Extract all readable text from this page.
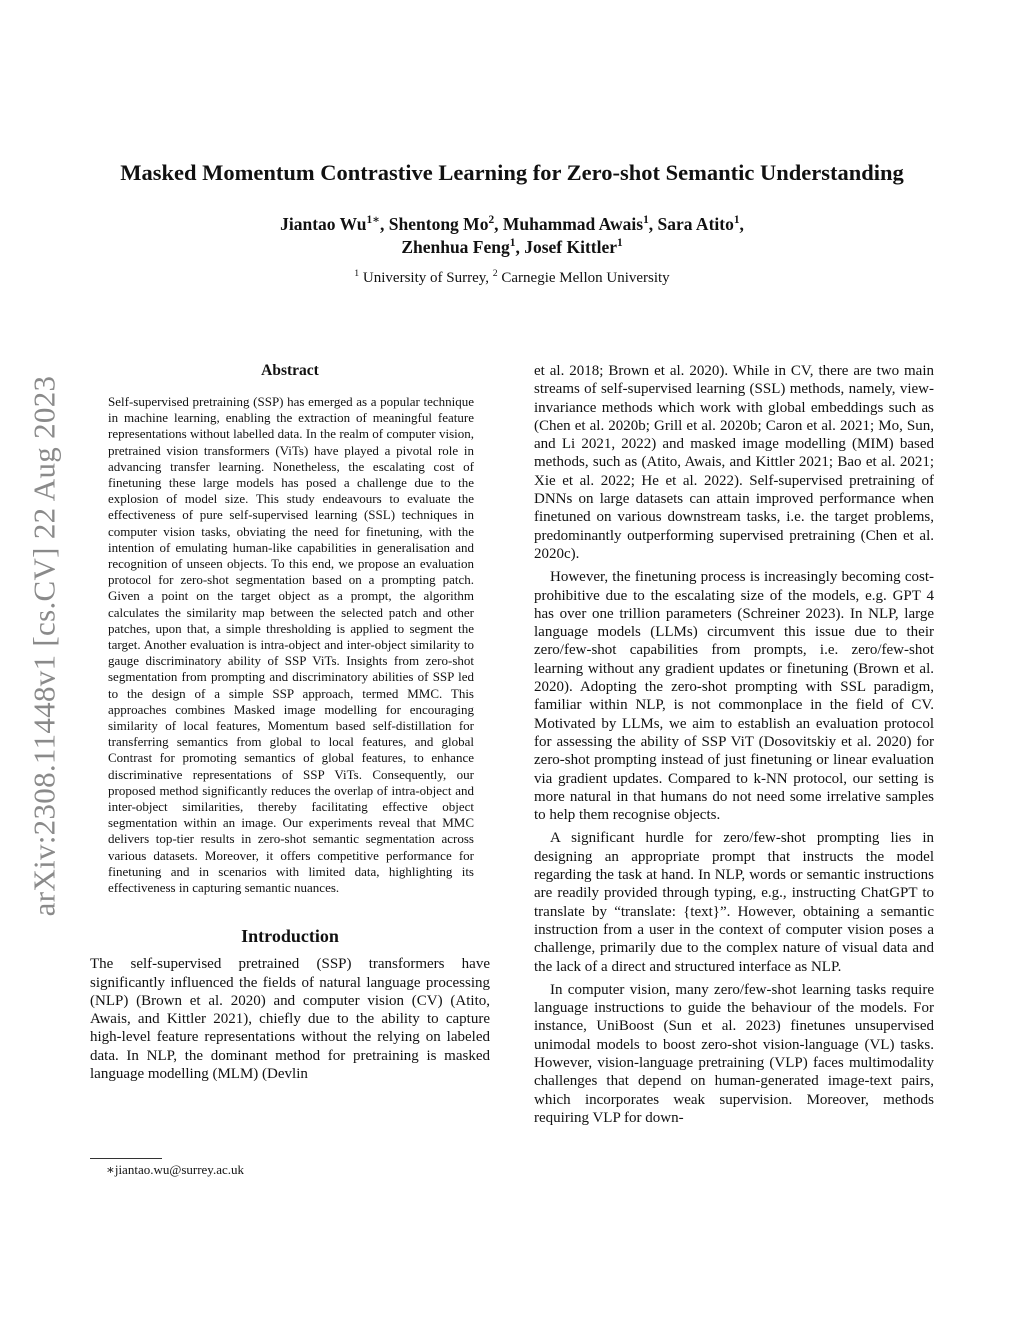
arXiv:2308.11448v1 [cs.CV] 22 Aug 2023
Masked Momentum Contrastive Learning for Zero-shot Semantic Understanding
Jiantao $Wu^{1∗}$, Shentong Mo$^2$, Muhammad Awais$^1$, Sara Atito$^1$,
Zhenhua Feng$^1$, Josef Kittler$^1$
$^1$ University of Surrey, $^2$ Carnegie Mellon University
Abstract

Self-supervised pretraining (SSP) has emerged as a popular technique in machine learning, enabling the extraction of meaningful feature representations without labelled data. In the realm of computer vision, pretrained vision transformers (ViTs) have played a pivotal role in advancing transfer learning. Nonetheless, the escalating cost of finetuning these large models has posed a challenge due to the explosion of model size. This study endeavours to evaluate the effectiveness of pure self-supervised learning (SSL) techniques in computer vision tasks, obviating the need for finetuning, with the intention of emulating human-like capabilities in generalisation and recognition of unseen objects. To this end, we propose an evaluation protocol for zero-shot segmentation based on a prompting patch. Given a point on the target object as a prompt, the algorithm calculates the similarity map between the selected patch and other patches, upon that, a simple thresholding is applied to segment the target. Another evaluation is intra-object and inter-object similarity to gauge discriminatory ability of SSP ViTs. Insights from zero-shot segmentation from prompting and discriminatory abilities of SSP led to the design of a simple SSP approach, termed MMC. This approaches combines Masked image modelling for encouraging similarity of local features, Momentum based self-distillation for transferring semantics from global to local features, and global Contrast for promoting semantics of global features, to enhance discriminative representations of SSP ViTs. Consequently, our proposed method significantly reduces the overlap of intra-object and inter-object similarities, thereby facilitating effective object segmentation within an image. Our experiments reveal that MMC delivers top-tier results in zero-shot semantic segmentation across various datasets. Moreover, it offers competitive performance for finetuning and in scenarios with limited data, highlighting its effectiveness in capturing semantic nuances.

Introduction

The self-supervised pretrained (SSP) transformers have significantly influenced the fields of natural language processing (NLP) (Brown et al. 2020) and computer vision (CV) (Atito, Awais, and Kittler 2021), chiefly due to the ability to capture high-level feature representations without the relying on labeled data. In NLP, the dominant method for pretraining is masked language modelling (MLM) (Devlin

∗jiantao.wu@surrey.ac.uk

et al. 2018; Brown et al. 2020). While in CV, there are two main streams of self-supervised learning (SSL) methods, namely, view-invariance methods which work with global embeddings such as (Chen et al. 2020b; Grill et al. 2020b; Caron et al. 2021; Mo, Sun, and Li 2021, 2022) and masked image modelling (MIM) based methods, such as (Atito, Awais, and Kittler 2021; Bao et al. 2021; Xie et al. 2022; He et al. 2022). Self-supervised pretraining of DNNs on large datasets can attain improved performance when finetuned on various downstream tasks, i.e. the target problems, predominantly outperforming supervised pretraining (Chen et al. 2020c).

However, the finetuning process is increasingly becoming cost-prohibitive due to the escalating size of the models, e.g. GPT 4 has over one trillion parameters (Schreiner 2023). In NLP, large language models (LLMs) circumvent this issue due to their zero/few-shot capabilities from prompts, i.e. zero/few-shot learning without any gradient updates or finetuning (Brown et al. 2020). Adopting the zero-shot prompting with SSL paradigm, familiar within NLP, is not commonplace in the field of CV. Motivated by LLMs, we aim to establish an evaluation protocol for assessing the ability of SSP ViT (Dosovitskiy et al. 2020) for zero-shot prompting instead of just finetuning or linear evaluation via gradient updates. Compared to k-NN protocol, our setting is more natural in that humans do not need some irrelative samples to help them recognise objects.

A significant hurdle for zero/few-shot prompting lies in designing an appropriate prompt that instructs the model regarding the task at hand. In NLP, words or semantic instructions are readily provided through typing, e.g., instructing ChatGPT to translate by “translate: {text}”. However, obtaining a semantic instruction from a user in the context of computer vision poses a challenge, primarily due to the complex nature of visual data and the lack of a direct and structured interface as NLP.

In computer vision, many zero/few-shot learning tasks require language instructions to guide the behaviour of the models. For instance, UniBoost (Sun et al. 2023) finetunes unsupervised unimodal models to boost zero-shot vision-language (VL) tasks. However, vision-language pretraining (VLP) faces multimodality challenges that depend on human-generated image-text pairs, which incorporates weak supervision. Moreover, methods requiring VLP for down-
